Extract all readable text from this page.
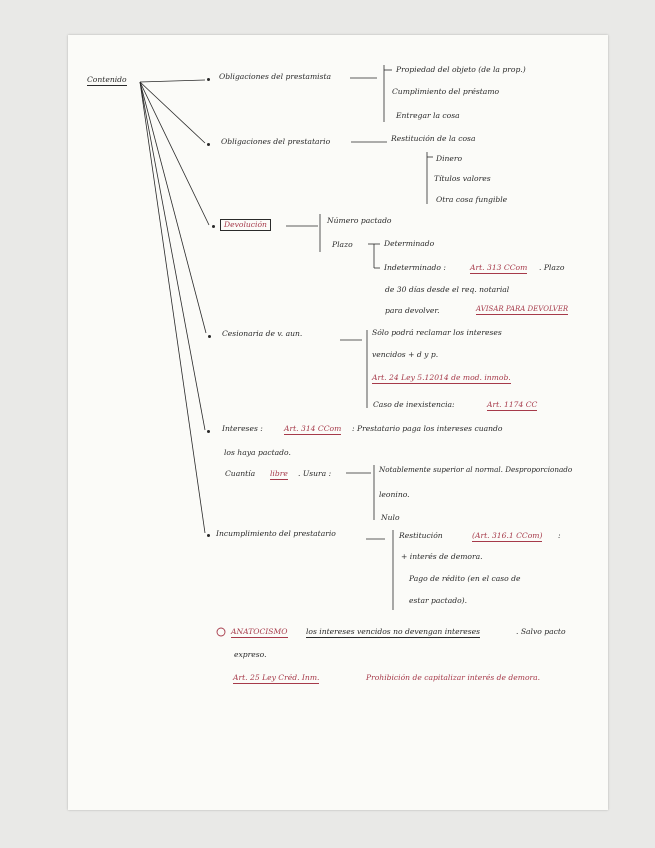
Contenido	Obligaciones del prestamista
Propiedad del objeto (de la prop.)
Cumplimiento del préstamo
Entregar la cosa
Obligaciones del prestatario	Restitución de la cosa
Dinero
Títulos valores
Otra cosa fungible
Devolución	Número pactado
Plazo	Determinado
Indeterminado :	Art. 313 CCom . Plazo
de 30 días desde el req. notarial
para devolver.	AVISAR PARA DEVOLVER
Cesionaria de v. aun.	Sólo podrá reclamar los intereses
vencidos + d y p.
Art. 24 Ley 5.12014 de mod. inmob.
Caso de inexistencia:	Art. 1174 CC
Intereses :	Art. 314 CCom : Prestatario paga los intereses cuando
los haya pactado.
Cuantía libre . Usura :	Notablemente superior al normal. Desproporcionado
leonino.
Nulo
Incumplimiento del prestatario	Restitución	(Art. 316.1 CCom) :
+ interés de demora.
Pago de rédito (en el caso de
estar pactado).
ANATOCISMO los intereses vencidos no devengan intereses	. Salvo pacto
expreso.
Art. 25 Ley Créd. Inm.	Prohibición de capitalizar interés de demora.
